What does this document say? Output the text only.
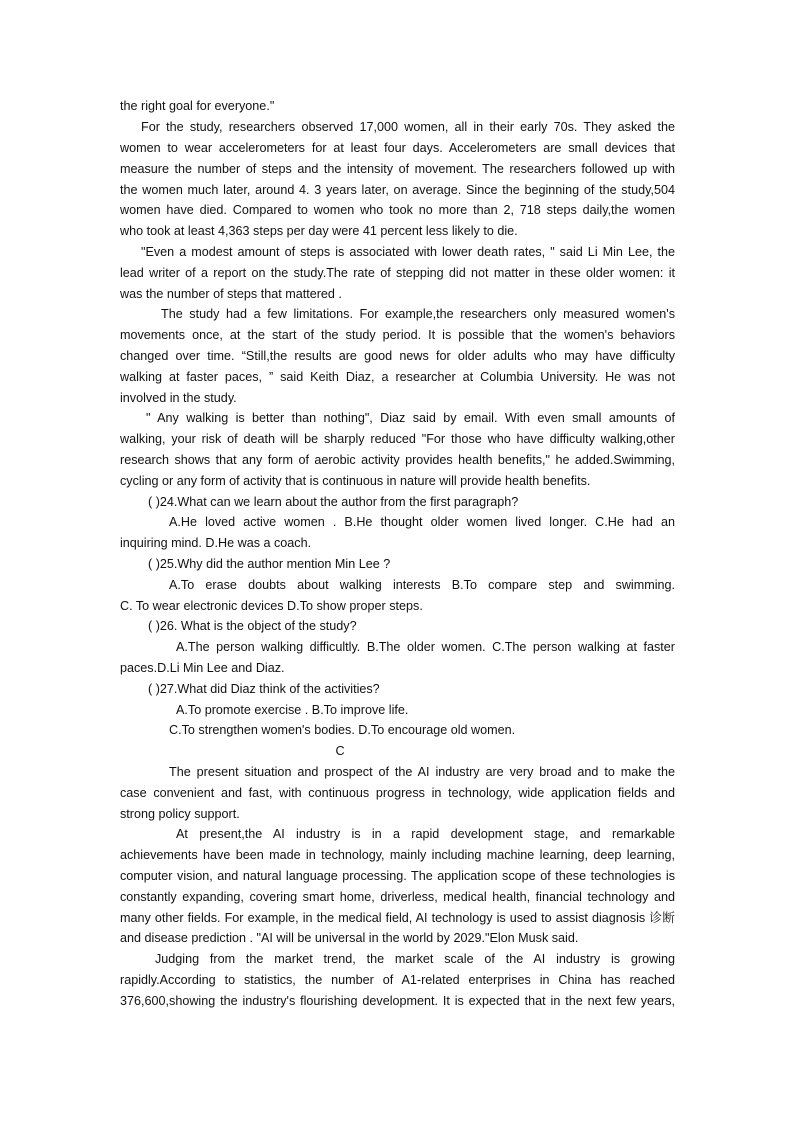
the right goal for everyone."
For the study, researchers observed 17,000 women, all in their early 70s. They asked the
women to wear accelerometers for at least four days. Accelerometers are small devices that
measure the number of steps and the intensity of movement. The researchers followed up with
the women much later, around 4. 3 years later, on average. Since the beginning of the study,504
women have died. Compared to women who took no more than 2, 718 steps daily,the women
who took at least 4,363 steps per day were 41 percent less likely to die.
"Even a modest amount of steps is associated with lower death rates, " said Li Min Lee, the
lead writer of a report on the study.The rate of stepping did not matter in these older women: it
was the number of steps that mattered .
The study had a few limitations. For example,the researchers only measured women's
movements once, at the start of the study period. It is possible that the women's behaviors
changed over time. “Still,the results are good news for older adults who may have difficulty
walking at faster paces, ” said Keith Diaz, a researcher at Columbia University. He was not
involved in the study.
" Any walking is better than nothing", Diaz said by email. With even small amounts of
walking, your risk of death will be sharply reduced "For those who have difficulty walking,other
research shows that any form of aerobic activity provides health benefits," he added.Swimming,
cycling or any form of activity that is continuous in nature will provide health benefits.
( )24.What can we learn about the author from the first paragraph?
A.He loved active women . B.He thought older women lived longer. C.He had an
inquiring mind. D.He was a coach.
( )25.Why did the author mention Min Lee ?
A.To erase doubts about walking interests B.To compare step and swimming.
C. To wear electronic devices D.To show proper steps.
( )26. What is the object of the study?
A.The person walking difficultly. B.The older women. C.The person walking at faster
paces.D.Li Min Lee and Diaz.
( )27.What did Diaz think of the activities?
A.To promote exercise . B.To improve life.
C.To strengthen women's bodies. D.To encourage old women.
C
The present situation and prospect of the AI industry are very broad and to make the
case convenient and fast, with continuous progress in technology, wide application fields and
strong policy support.
At present,the AI industry is in a rapid development stage, and remarkable
achievements have been made in technology, mainly including machine learning, deep learning,
computer vision, and natural language processing. The application scope of these technologies is
constantly expanding, covering smart home, driverless, medical health, financial technology and
many other fields. For example, in the medical field, AI technology is used to assist diagnosis 诊断
and disease prediction . "AI will be universal in the world by 2029."Elon Musk said.
Judging from the market trend, the market scale of the AI industry is growing
rapidly.According to statistics, the number of A1-related enterprises in China has reached
376,600,showing the industry's flourishing development. It is expected that in the next few years,
